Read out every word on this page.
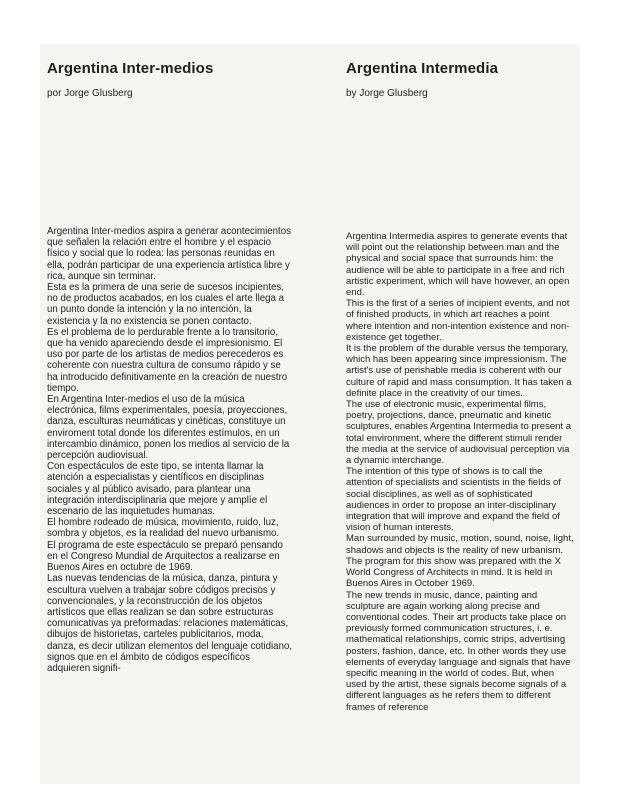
Argentina Inter-medios
por Jorge Glusberg

Argentina Inter-medios aspira a generar acontecimientos que señalen la relación entre el hombre y el espacio físico y social que lo rodea: las personas reunidas en ella, podrán participar de una experiencia artística libre y rica, aunque sin terminar.

Esta es la primera de una serie de sucesos incipientes, no de productos acabados, en los cuales el arte llega a un punto donde la intención y la no intención, la existencia y la no existencia se ponen contacto.

Es el problema de lo perdurable frente a lo transitorio, que ha venido apareciendo desde el impresionismo. El uso por parte de los artistas de medios perecederos es coherente con nuestra cultura de consumo rápido y se ha introducido definitivamente en la creación de nuestro tiempo.

En Argentina Inter-medios el uso de la música electrónica, films experimentales, poesía, proyecciones, danza, esculturas neumáticas y cinéticas, constituye un enviroment total donde los diferentes estímulos, en un intercambio dinámico, ponen los medios al servicio de la percepción audiovisual.

Con espectáculos de este tipo, se intenta llamar la atención a especialistas y científicos en disciplinas sociales y al público avisado, para plantear una integración interdisciplinaria que mejore y amplíe el escenario de las inquietudes humanas.

El hombre rodeado de música, movimiento, ruido, luz, sombra y objetos, es la realidad del nuevo urbanismo.

El programa de este espectáculo se preparó pensando en el Congreso Mundial de Arquitectos a realizarse en Buenos Aires en octubre de 1969.

Las nuevas tendencias de la música, danza, pintura y escultura vuelven a trabajar sobre códigos precisos y convencionales, y la reconstrucción de los objetos artísticos que ellas realizan se dan sobre estructuras comunicativas ya preformadas: relaciones matemáticas, dibujos de historietas, carteles publicitarios, moda, danza, es decir utilizan elementos del lenguaje cotidiano, signos que en el ámbito de códigos específicos adquieren signifi-

Argentina Intermedia
by Jorge Glusberg

Argentina Intermedia aspires to generate events that will point out the relationship between man and the physical and social space that surrounds him: the audience will be able to participate in a free and rich artistic experiment, which will have however, an open end.

This is the first of a series of incipient events, and not of finished products, in which art reaches a point where intention and non-intention existence and non-existence get together.

It is the problem of the durable versus the temporary, which has been appearing since impressionism. The artist's use of perishable media is coherent with our culture of rapid and mass consumption. It has taken a definite place in the creativity of our times.

The use of electronic music, experimental films, poetry, projections, dance, pneumatic and kinetic sculptures, enables Argentina Intermedia to present a total environment, where the different stimuli render the media at the service of audiovisual perception via a dynamic interchange.

The intention of this type of shows is to call the attention of specialists and scientists in the fields of social disciplines, as well as of sophisticated audiences in order to propose an inter-disciplinary integration that will improve and expand the field of vision of human interests.

Man surrounded by music, motion, sound, noise, light, shadows and objects is the reality of new urbanism.

The program for this show was prepared with the X World Congress of Architects in mind. It is held in Buenos Aires in October 1969.

The new trends in music, dance, painting and sculpture are again working along precise and conventional codes. Their art products take place on previously formed communication structures, i. e. mathematical relationships, comic strips, advertising posters, fashion, dance, etc. In other words they use elements of everyday language and signals that have specific meaning in the world of codes. But, when used by the artist, these signals become signals of a different languages as he refers them to different frames of reference
